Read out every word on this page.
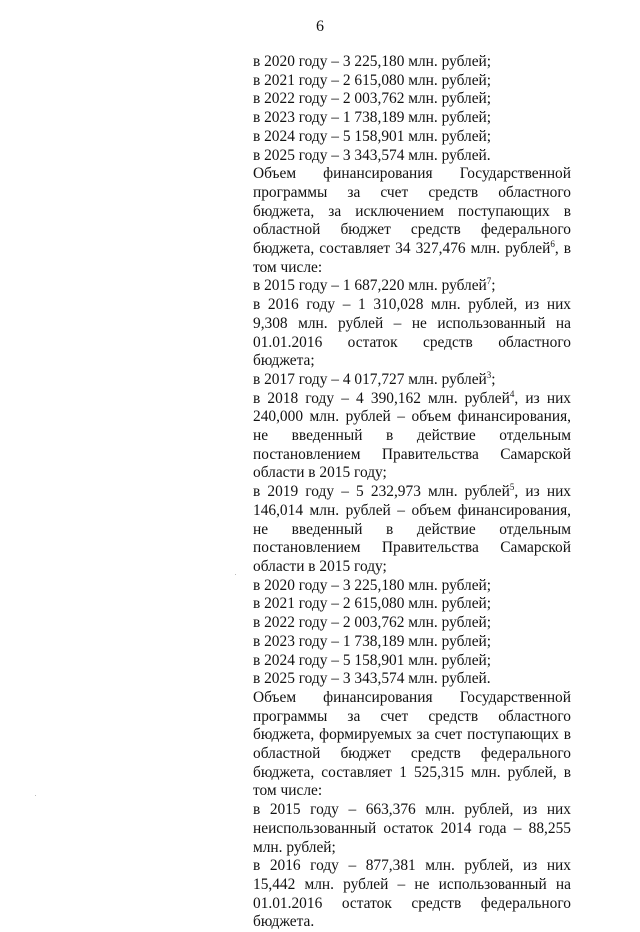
6

в 2020 году – 3 225,180 млн. рублей;

в 2021 году – 2 615,080 млн. рублей;

в 2022 году – 2 003,762 млн. рублей;

в 2023 году – 1 738,189 млн. рублей;

в 2024 году – 5 158,901 млн. рублей;

в 2025 году – 3 343,574 млн. рублей.

Объем финансирования Государственной программы за счет средств областного бюджета, за исключением поступающих в областной бюджет средств федерального бюджета, составляет 34 327,476 млн. рублей$^6$, в том числе:

в 2015 году – 1 687,220 млн. рублей$^7$;

в 2016 году – 1 310,028 млн. рублей, из них 9,308 млн. рублей – не использованный на 01.01.2016 остаток средств областного бюджета;

в 2017 году – 4 017,727 млн. рублей$^3$;

в 2018 году – 4 390,162 млн. рублей$^4$, из них 240,000 млн. рублей – объем финансирования, не введенный в действие отдельным постановлением Правительства Самарской области в 2015 году;

в 2019 году – 5 232,973 млн. рублей$^5$, из них 146,014 млн. рублей – объем финансирования, не введенный в действие отдельным постановлением Правительства Самарской области в 2015 году;

в 2020 году – 3 225,180 млн. рублей;

в 2021 году – 2 615,080 млн. рублей;

в 2022 году – 2 003,762 млн. рублей;

в 2023 году – 1 738,189 млн. рублей;

в 2024 году – 5 158,901 млн. рублей;

в 2025 году – 3 343,574 млн. рублей.

Объем финансирования Государственной программы за счет средств областного бюджета, формируемых за счет поступающих в областной бюджет средств федерального бюджета, составляет 1 525,315 млн. рублей, в том числе:

в 2015 году – 663,376 млн. рублей, из них неиспользованный остаток 2014 года – 88,255 млн. рублей;

в 2016 году – 877,381 млн. рублей, из них 15,442 млн. рублей – не использованный на 01.01.2016 остаток средств федерального бюджета.
